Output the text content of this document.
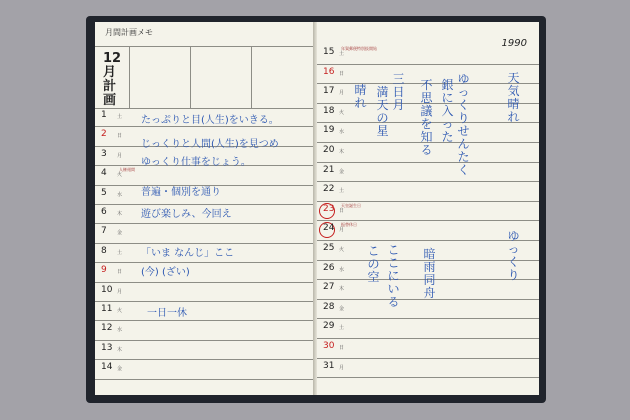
月間計画メモ
1990
12
月
計
画
1 土
2 日
3 月
4 火
人権週間
5 水
6 木
7 金
8 土
9 日
10 月
11 火
12 水
13 木
14 金
15 土
年賀郵便特別扱開始
16 日
17 月
18 火
19 水
20 木
21 金
22 土
23 日
天皇誕生日
24 月
振替休日
25 火
26 水
27 木
28 金
29 土
30 日
31 月
たっぷりと目(人生)をいきる。
じっくりと人間(人生)を見つめ
ゆっくり仕事をじょう。
普遍・個別を通り
遊び楽しみ、今回え
「いま なんじ」ここ
(今) (ざい)
一日一休
天
気
晴
れ
ゆ
っ
く
り
せ
ん
た
く
銀
に
入
っ
た
不
思
議
を
知
る
三
日
月
満
天
の
星
晴
れ
こ
の
空
こ
こ
に
い
る
暗
雨
同
舟
ゆ
っ
く
り
